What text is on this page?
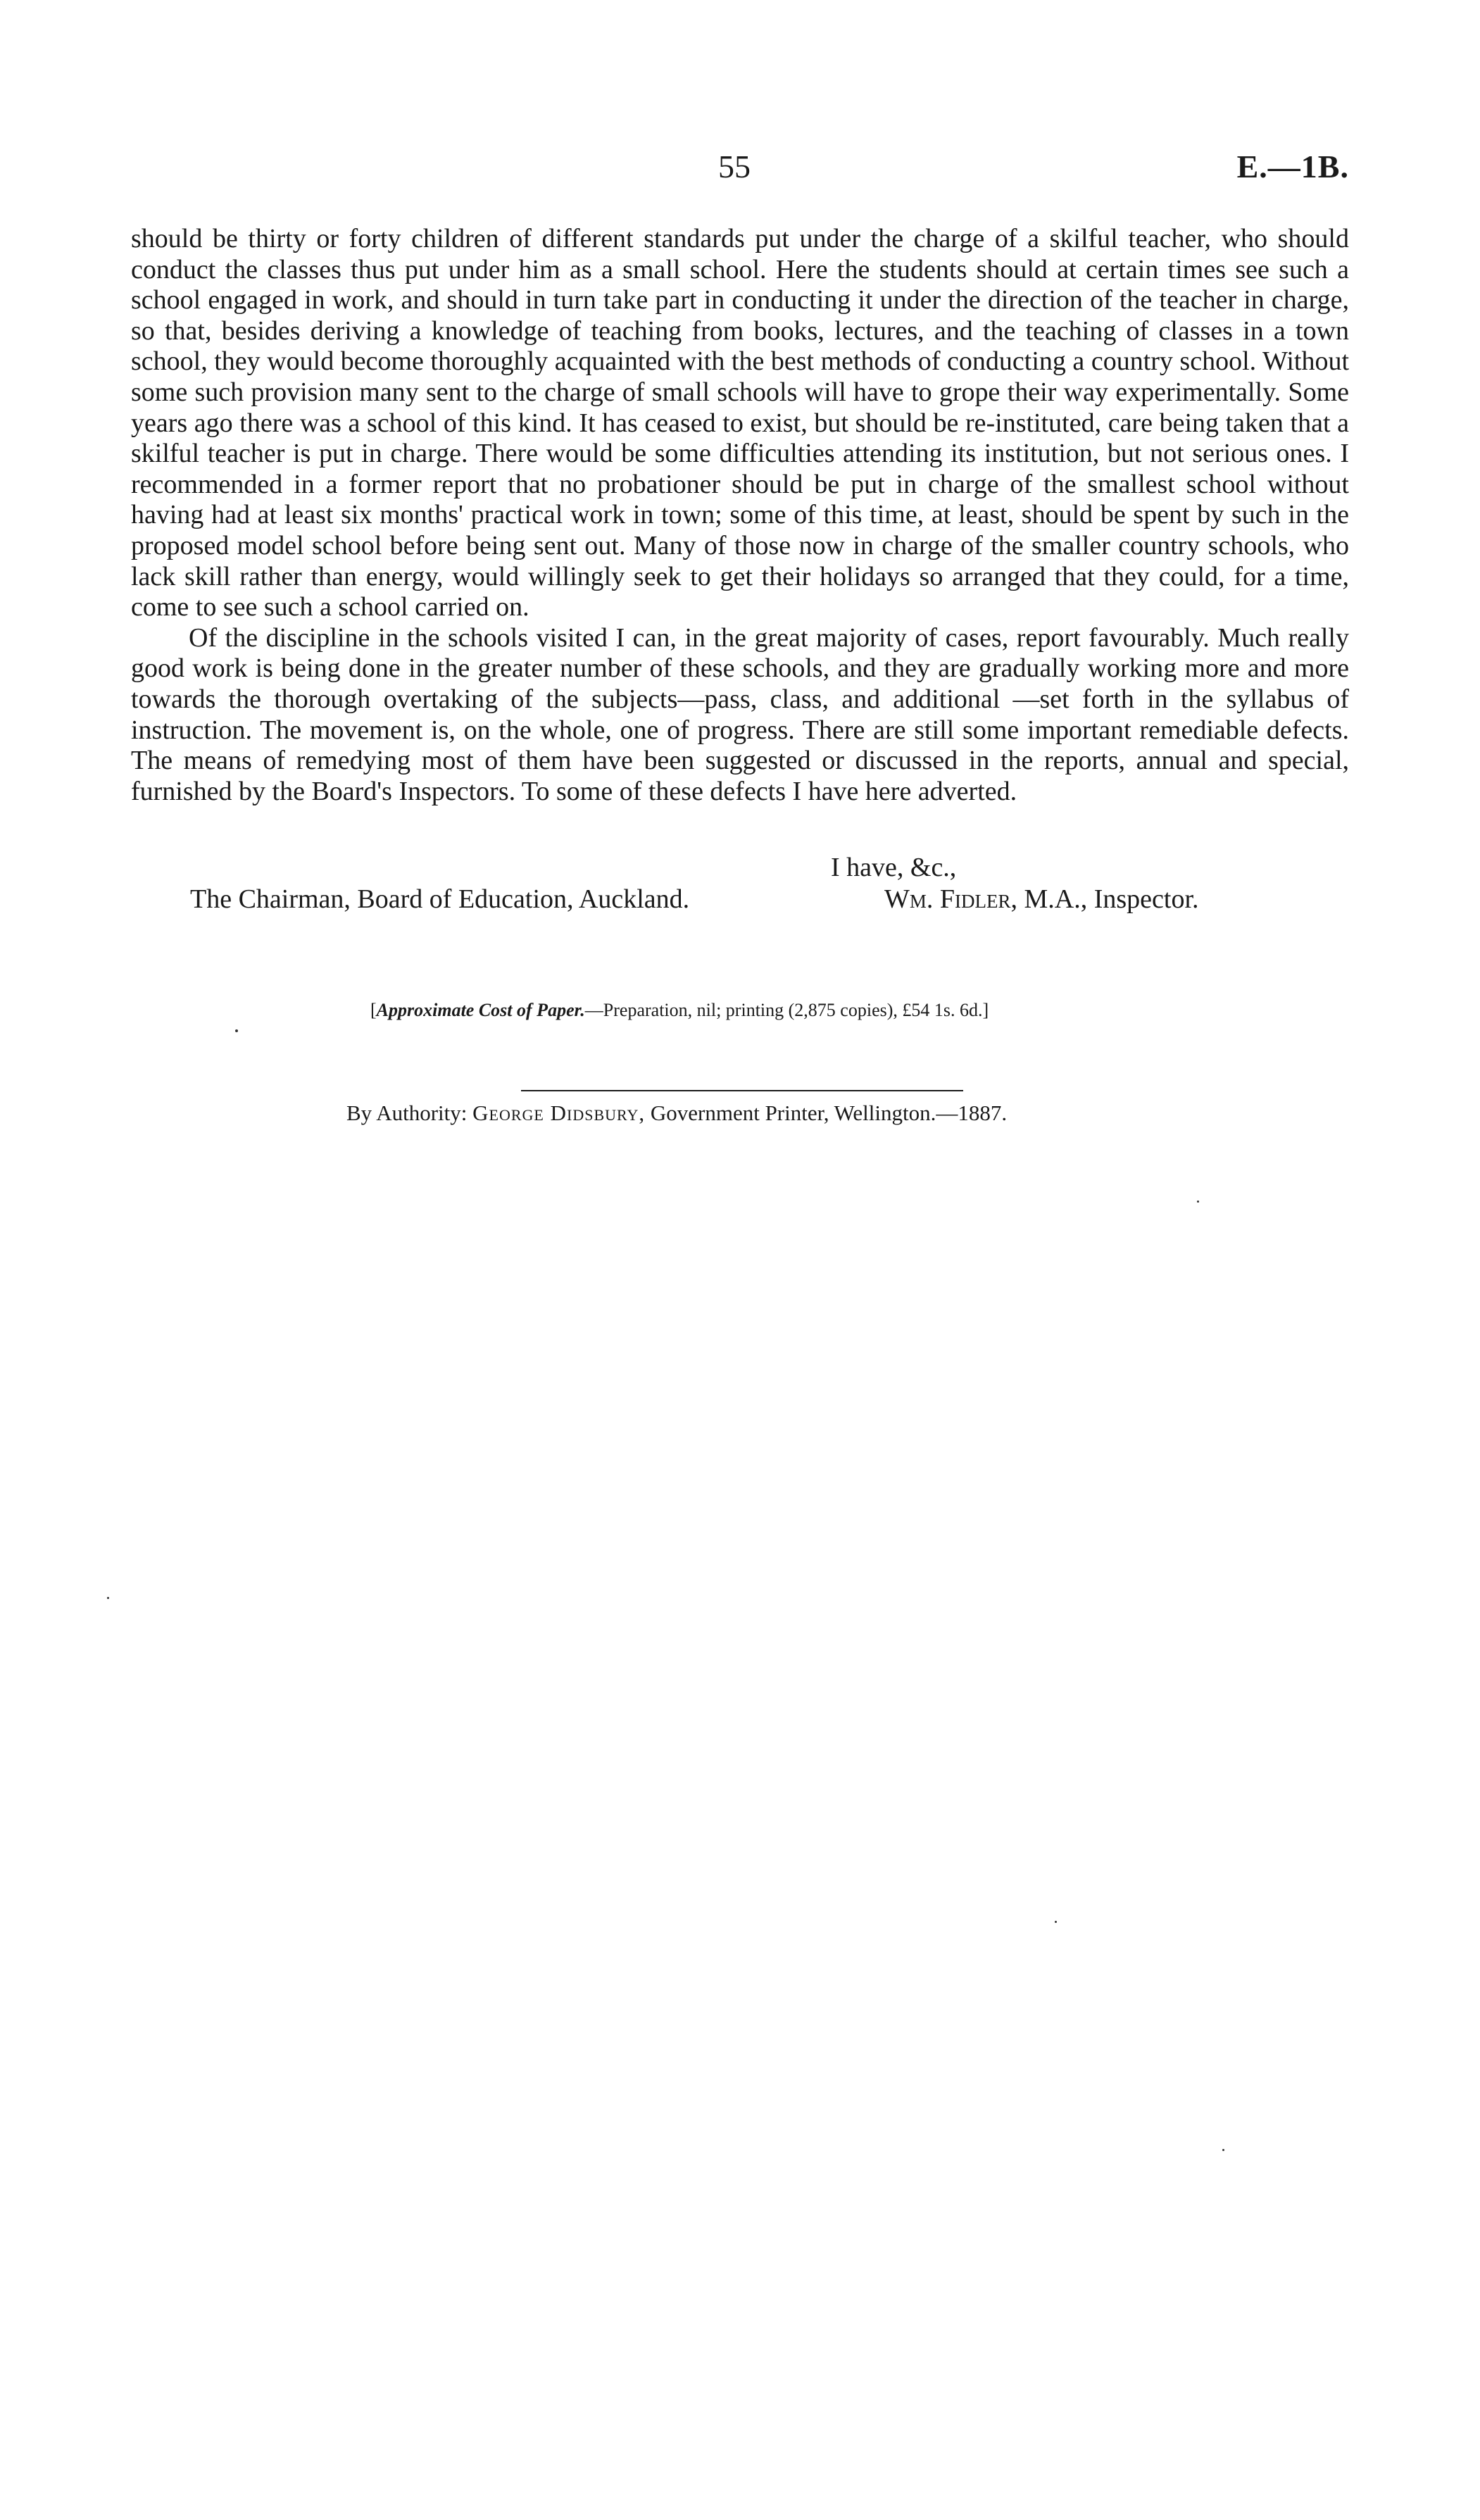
55	E.—1B.

should be thirty or forty children of different standards put under the charge of a skilful teacher, who should conduct the classes thus put under him as a small school. Here the students should at certain times see such a school engaged in work, and should in turn take part in conducting it under the direction of the teacher in charge, so that, besides deriving a knowledge of teaching from books, lectures, and the teaching of classes in a town school, they would become thoroughly acquainted with the best methods of conducting a country school. Without some such provision many sent to the charge of small schools will have to grope their way experimentally. Some years ago there was a school of this kind. It has ceased to exist, but should be re-instituted, care being taken that a skilful teacher is put in charge. There would be some difficulties attending its institution, but not serious ones. I recommended in a former report that no probationer should be put in charge of the smallest school without having had at least six months' practical work in town; some of this time, at least, should be spent by such in the proposed model school before being sent out. Many of those now in charge of the smaller country schools, who lack skill rather than energy, would willingly seek to get their holidays so arranged that they could, for a time, come to see such a school carried on.

Of the discipline in the schools visited I can, in the great majority of cases, report favourably. Much really good work is being done in the greater number of these schools, and they are gradually working more and more towards the thorough overtaking of the subjects—pass, class, and additional —set forth in the syllabus of instruction. The movement is, on the whole, one of progress. There are still some important remediable defects. The means of remedying most of them have been suggested or discussed in the reports, annual and special, furnished by the Board's Inspectors. To some of these defects I have here adverted.

I have, &c.,
The Chairman, Board of Education, Auckland.	Wm. Fidler, M.A., Inspector.
[Approximate Cost of Paper.—Preparation, nil; printing (2,875 copies), £54 1s. 6d.]
By Authority: George Didsbury, Government Printer, Wellington.—1887.
